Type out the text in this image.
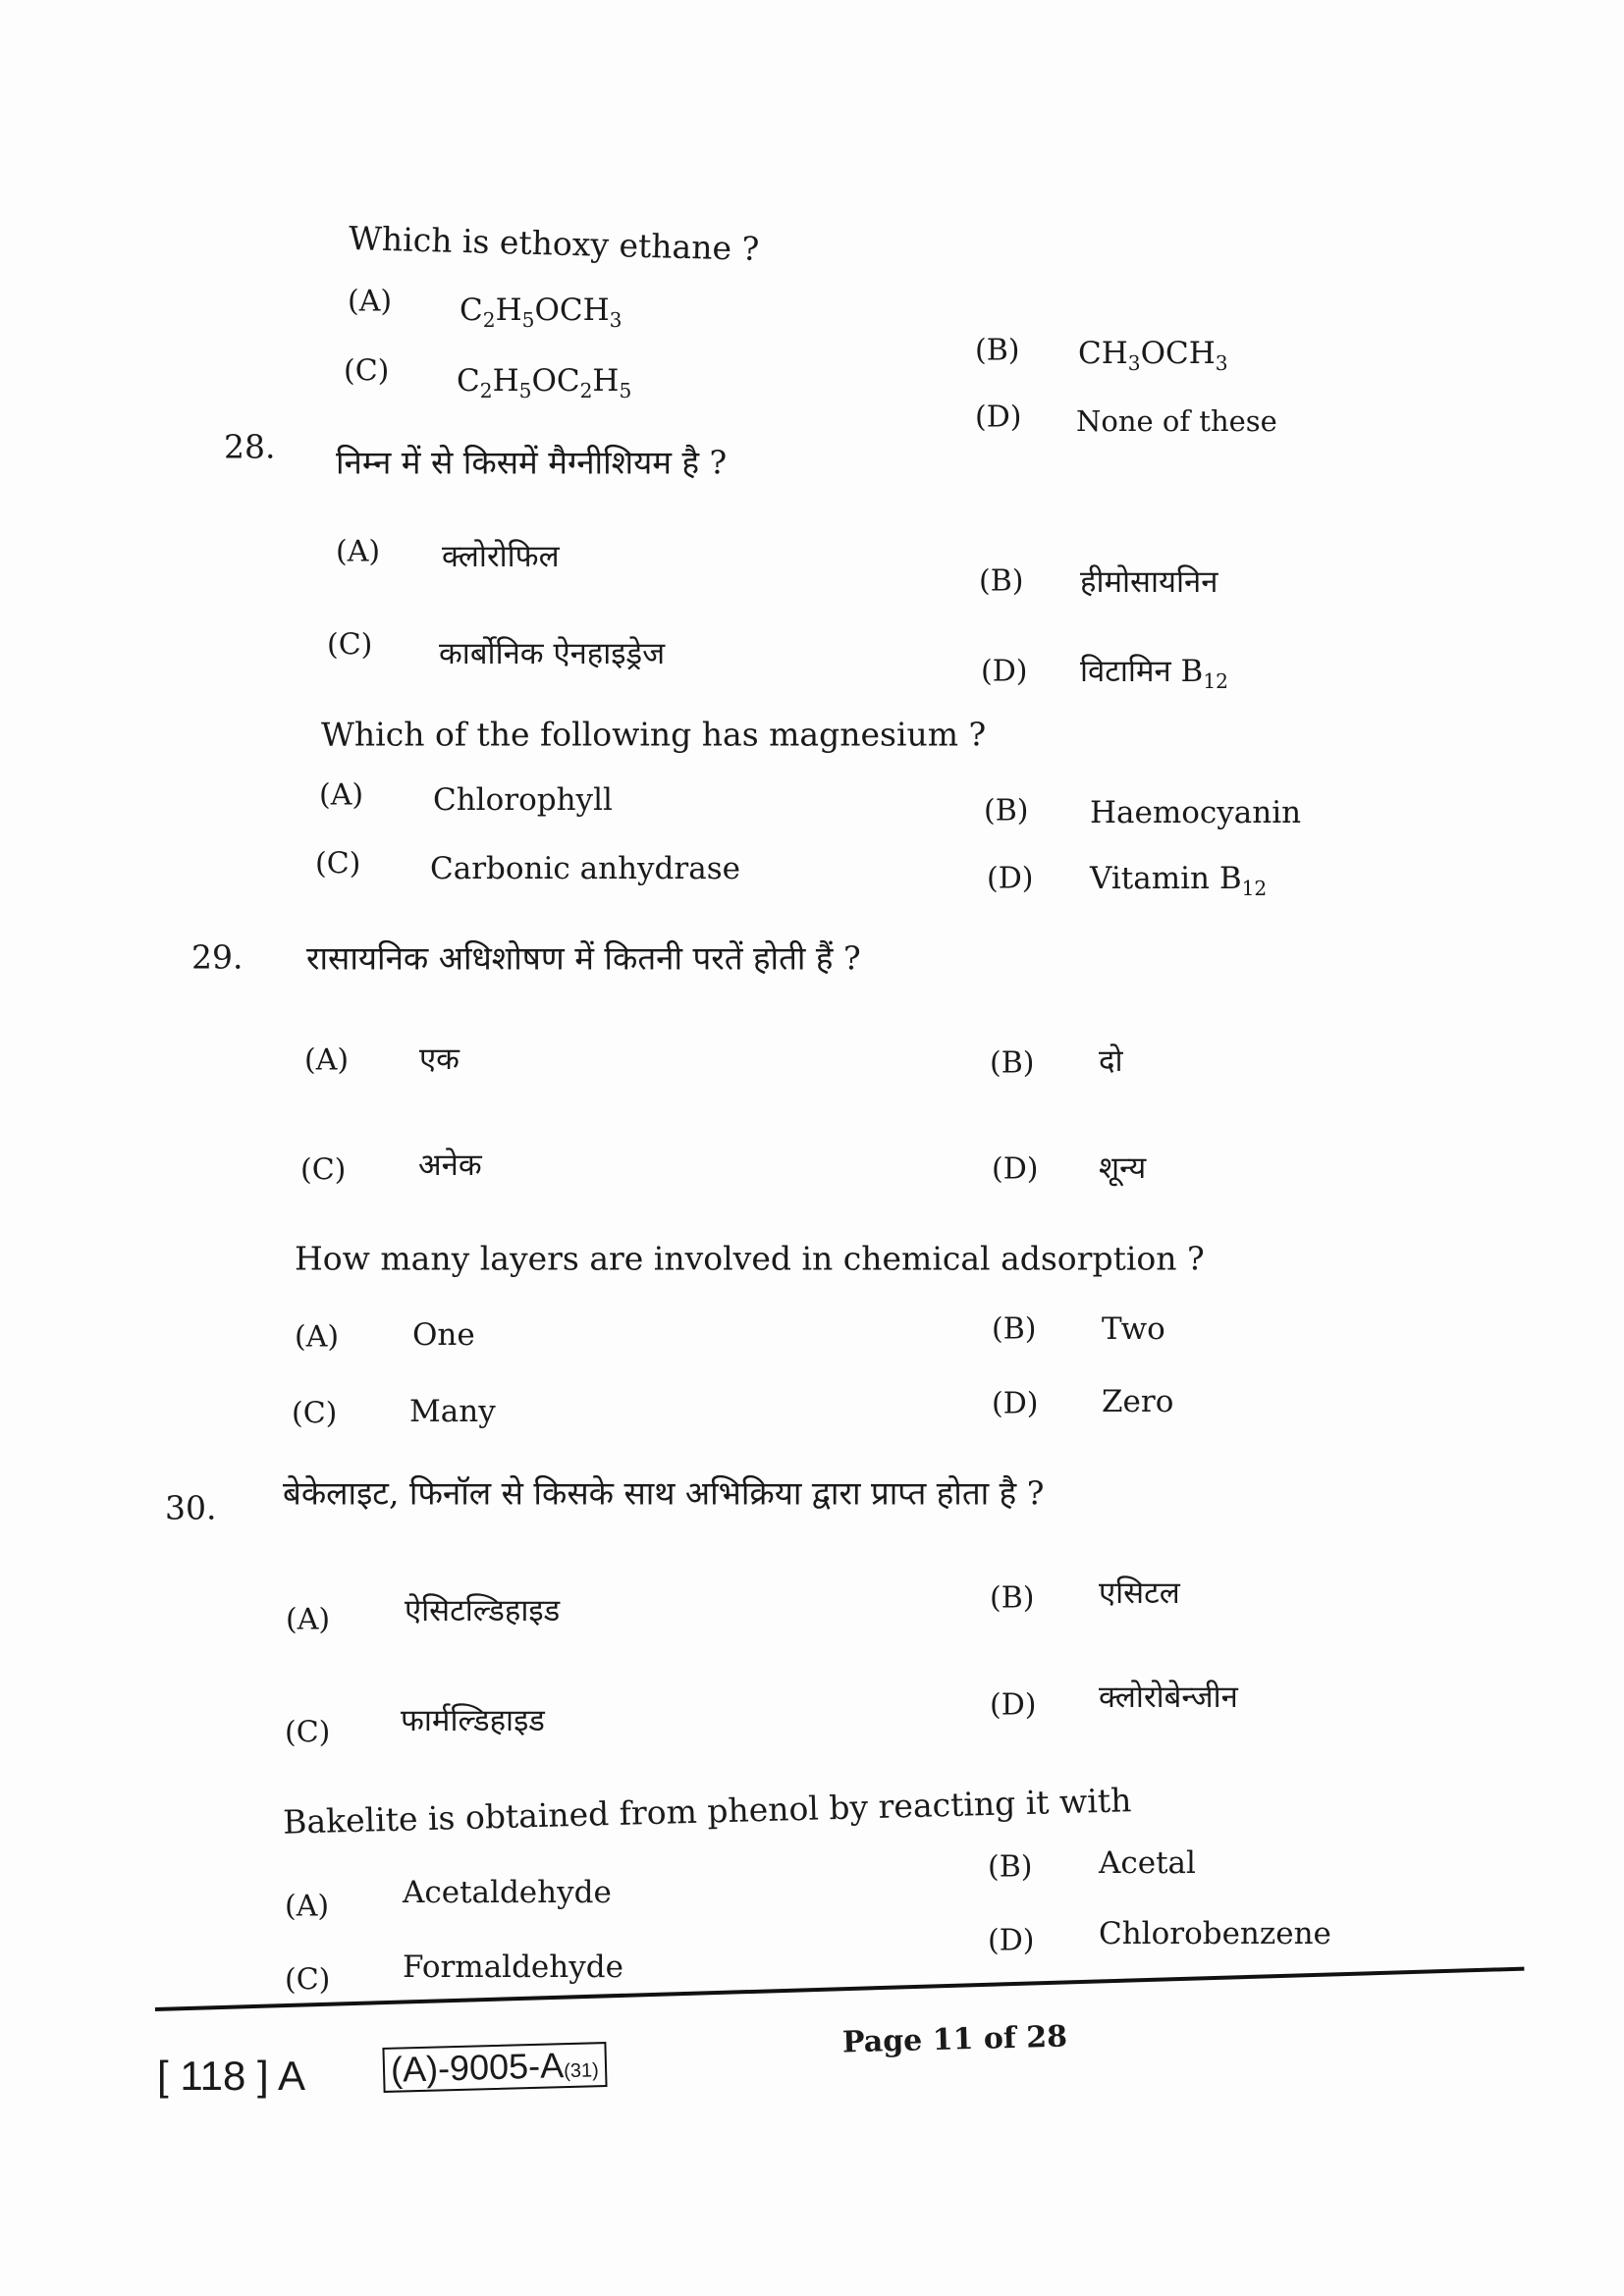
Which is ethoxy ethane ?
(A) $C_2H_5OCH_3$
(B) $CH_3OCH_3$
(C) $C_2H_5OC_2H_5$
(D) None of these
28. निम्न में से किसमें मैग्नीशियम है ?
(A) क्लोरोफिल
(B) हीमोसायनिन
(C) कार्बोनिक ऐनहाइड्रेज	(D) विटामिन $B_{12}$
Which of the following has magnesium ?
(A) Chlorophyll	(B) Haemocyanin
(C) Carbonic anhydrase	(D) Vitamin $B_{12}$
29. रासायनिक अधिशोषण में कितनी परतें होती हैं ?
(A) एक	(B) दो
(C) अनेक	(D) शून्य
How many layers are involved in chemical adsorption ?
(A) One	(B) Two
(C) Many	(D) Zero
30. बेकेलाइट, फिनॉल से किसके साथ अभिक्रिया द्वारा प्राप्त होता है ?
(A) ऐसिटल्डिहाइड	(B) एसिटल
(C) फार्मल्डिहाइड	(D) क्लोरोबेन्जीन
Bakelite is obtained from phenol by reacting it with
(A) Acetaldehyde
(B) Acetal
(C) Formaldehyde
(D) Chlorobenzene
[ 118 ] A (A)-9005-A(31)
Page 11 of 28
